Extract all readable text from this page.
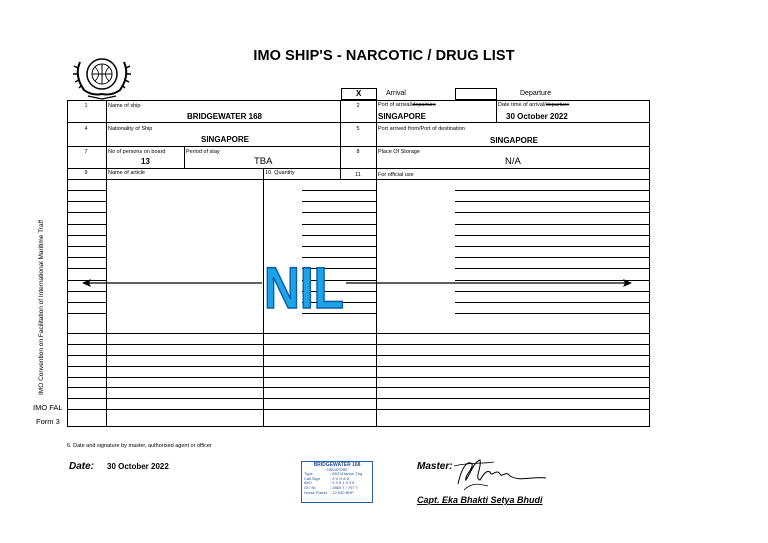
IMO SHIP'S - NARCOTIC / DRUG LIST
X	Arrival	Departure
1	Name of ship
BRIDGEWATER 168
2	Port of arrival/departure
SINGAPORE
Date time of arrival/departure
30 October 2022
4	Nationality of Ship
SINGAPORE
5	Port arrived from/Port of destination
SINGAPORE
7	No of persons on board
13
Period of stay
TBA
8	Place Of Storage
N/A
9	Name of article	10. Quantity	11	For official use
NIL
IMO Convention on Facilitation of International Maritime Traff
IMO FAL
Form 3
6. Date and signature by master, authorised agent or officer
Date: 30 October 2022	BRIDGEWATER 168
SINGAPORE
Type	: ANTI/Harbor Tug
Call Sign	: 9 V H A 6
IMO	: 9 3 5 1 9 3 8
Gt / Nt	: 2860 T / 797 T
Horse Power : 12,000 BHP
Master:
Capt. Eka Bhakti Setya Bhudi
